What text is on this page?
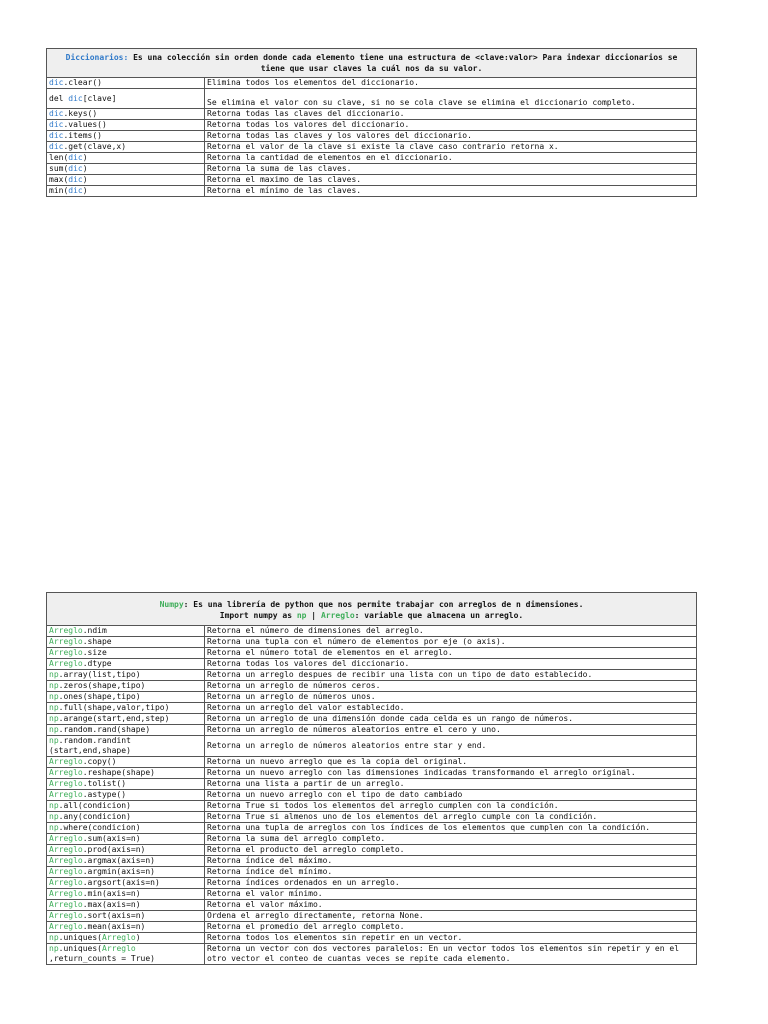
Diccionarios: Es una colección sin orden donde cada elemento tiene una estructura de <clave:valor> Para indexar diccionarios se tiene que usar claves la cuál nos da su valor.	
dic.clear()	Elimina todos los elementos del diccionario.
del dic[clave]	Se elimina el valor con su clave, si no se cola clave se elimina el diccionario completo.
dic.keys()	Retorna todas las claves del diccionario.
dic.values()	Retorna todas los valores del diccionario.
dic.items()	Retorna todas las claves y los valores del diccionario.
dic.get(clave,x)	Retorna el valor de la clave si existe la clave caso contrario retorna x.
len(dic)	Retorna la cantidad de elementos en el diccionario.
sum(dic)	Retorna la suma de las claves.
max(dic)	Retorna el maximo de las claves.
min(dic)	Retorna el mínimo de las claves.
Numpy: Es una librería de python que nos permite trabajar con arreglos de n dimensiones.
Import numpy as np | Arreglo: variable que almacena un arreglo.	
Arreglo.ndim	Retorna el número de dimensiones del arreglo.
Arreglo.shape	Retorna una tupla con el número de elementos por eje (o axis).
Arreglo.size	Retorna el número total de elementos en el arreglo.
Arreglo.dtype	Retorna todas los valores del diccionario.
np.array(list,tipo)	Retorna un arreglo despues de recibir una lista con un tipo de dato establecido.
np.zeros(shape,tipo)	Retorna un arreglo de números ceros.
np.ones(shape,tipo)	Retorna un arreglo de números unos.
np.full(shape,valor,tipo)	Retorna un arreglo del valor establecido.
np.arange(start,end,step)	Retorna un arreglo de una dimensión donde cada celda es un rango de números.
np.random.rand(shape)	Retorna un arreglo de números aleatorios entre el cero y uno.
np.random.randint (start,end,shape)	Retorna un arreglo de números aleatorios entre star y end.
Arreglo.copy()	Retorna un nuevo arreglo que es la copia del original.
Arreglo.reshape(shape)	Retorna un nuevo arreglo con las dimensiones indicadas transformando el arreglo original.
Arreglo.tolist()	Retorna una lista a partir de un arreglo.
Arreglo.astype()	Retorna un nuevo arreglo con el tipo de dato cambiado
np.all(condicion)	Retorna True si todos los elementos del arreglo cumplen con la condición.
np.any(condicion)	Retorna True si almenos uno de los elementos del arreglo cumple con la condición.
np.where(condicion)	Retorna una tupla de arreglos con los índices de los elementos que cumplen con la condición.
Arreglo.sum(axis=n)	Retorna la suma del arreglo completo.
Arreglo.prod(axis=n)	Retorna el producto del arreglo completo.
Arreglo.argmax(axis=n)	Retorna índice del máximo.
Arreglo.argmin(axis=n)	Retorna índice del mínimo.
Arreglo.argsort(axis=n)	Retorna índices ordenados en un arreglo.
Arreglo.min(axis=n)	Retorna el valor mínimo.
Arreglo.max(axis=n)	Retorna el valor máximo.
Arreglo.sort(axis=n)	Ordena el arreglo directamente, retorna None.
Arreglo.mean(axis=n)	Retorna el promedio del arreglo completo.
np.uniques(Arreglo)	Retorna todos los elementos sin repetir en un vector.
np.uniques(Arreglo ,return_counts = True)	Retorna un vector con dos vectores paralelos: En un vector todos los elementos sin repetir y en el otro vector el conteo de cuantas veces se repite cada elemento.
